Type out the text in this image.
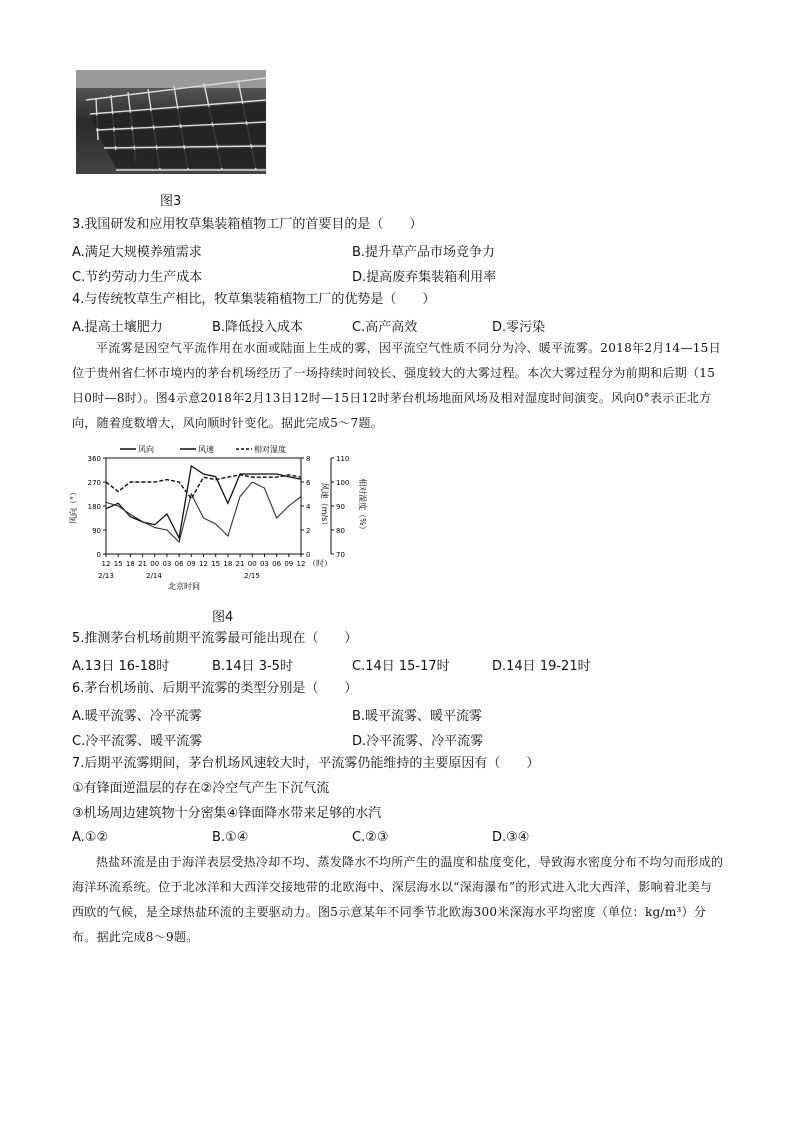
图3
3.我国研发和应用牧草集装箱植物工厂的首要目的是（　　）
A.满足大规模养殖需求	B.提升草产品市场竞争力
C.节约劳动力生产成本	D.提高废弃集装箱利用率
4.与传统牧草生产相比，牧草集装箱植物工厂的优势是（　　）
A.提高土壤肥力	B.降低投入成本	C.高产高效	D.零污染
平流雾是因空气平流作用在水面或陆面上生成的雾，因平流空气性质不同分为冷、暖平流雾。2018年2月14—15日位于贵州省仁怀市境内的茅台机场经历了一场持续时间较长、强度较大的大雾过程。本次大雾过程分为前期和后期（15日0时—8时）。图4示意2018年2月13日12时—15日12时茅台机场地面风场及相对湿度时间演变。风向0°表示正北方向，随着度数增大，风向顺时针变化。据此完成5～7题。
风向	风速	相对湿度
0
90
180
270
360
0
2
4
6
8
70
80
90
100
110
12 15 18 21 00 03 06 09 12 15 18 21 00 03 06 09 12
风向（°）	风速（m/s）	相对湿度（%）
（时）
2/13	2/14	2/15
北京时间
图4
5.推测茅台机场前期平流雾最可能出现在（　　）
A.13日 16-18时	B.14日 3-5时	C.14日 15-17时	D.14日 19-21时
6.茅台机场前、后期平流雾的类型分别是（　　）
A.暖平流雾、冷平流雾	B.暖平流雾、暖平流雾
C.冷平流雾、暖平流雾	D.冷平流雾、冷平流雾
7.后期平流雾期间，茅台机场风速较大时，平流雾仍能维持的主要原因有（　　）
①有锋面逆温层的存在②冷空气产生下沉气流
③机场周边建筑物十分密集④锋面降水带来足够的水汽
A.①②	B.①④	C.②③	D.③④
热盐环流是由于海洋表层受热冷却不均、蒸发降水不均所产生的温度和盐度变化，导致海水密度分布不均匀而形成的海洋环流系统。位于北冰洋和大西洋交接地带的北欧海中、深层海水以“深海瀑布”的形式进入北大西洋，影响着北美与西欧的气候，是全球热盐环流的主要驱动力。图5示意某年不同季节北欧海300米深海水平均密度（单位：kg/m³）分布。据此完成8～9题。
